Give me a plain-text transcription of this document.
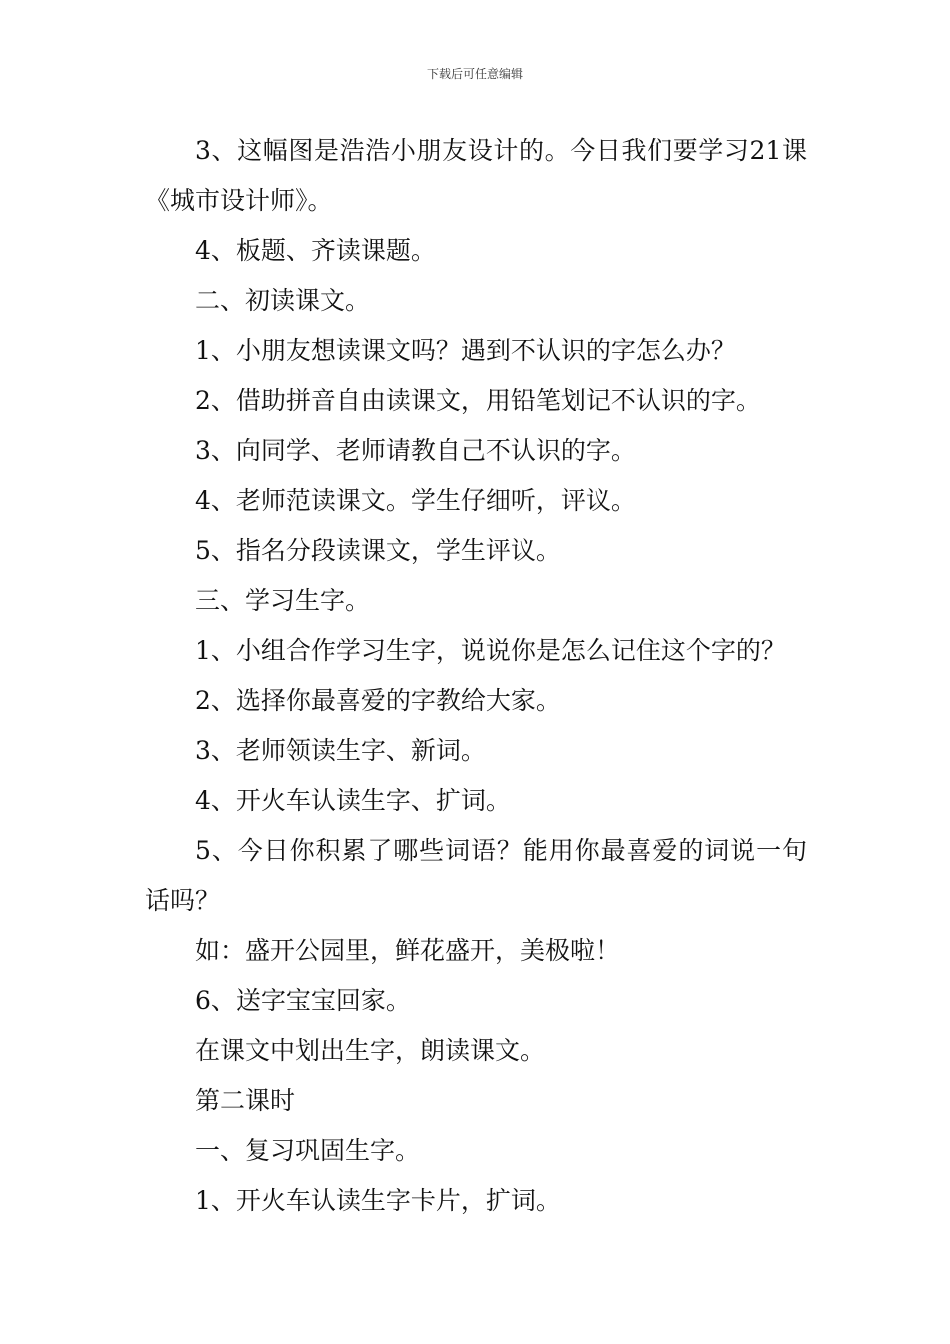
下载后可任意编辑
3、这幅图是浩浩小朋友设计的。今日我们要学习21课
《城市设计师》。
4、板题、齐读课题。
二、初读课文。
1、小朋友想读课文吗？遇到不认识的字怎么办？
2、借助拼音自由读课文，用铅笔划记不认识的字。
3、向同学、老师请教自己不认识的字。
4、老师范读课文。学生仔细听，评议。
5、指名分段读课文，学生评议。
三、学习生字。
1、小组合作学习生字，说说你是怎么记住这个字的？
2、选择你最喜爱的字教给大家。
3、老师领读生字、新词。
4、开火车认读生字、扩词。
5、今日你积累了哪些词语？能用你最喜爱的词说一句
话吗？
如：盛开公园里，鲜花盛开，美极啦！
6、送字宝宝回家。
在课文中划出生字，朗读课文。
第二课时
一、复习巩固生字。
1、开火车认读生字卡片，扩词。
